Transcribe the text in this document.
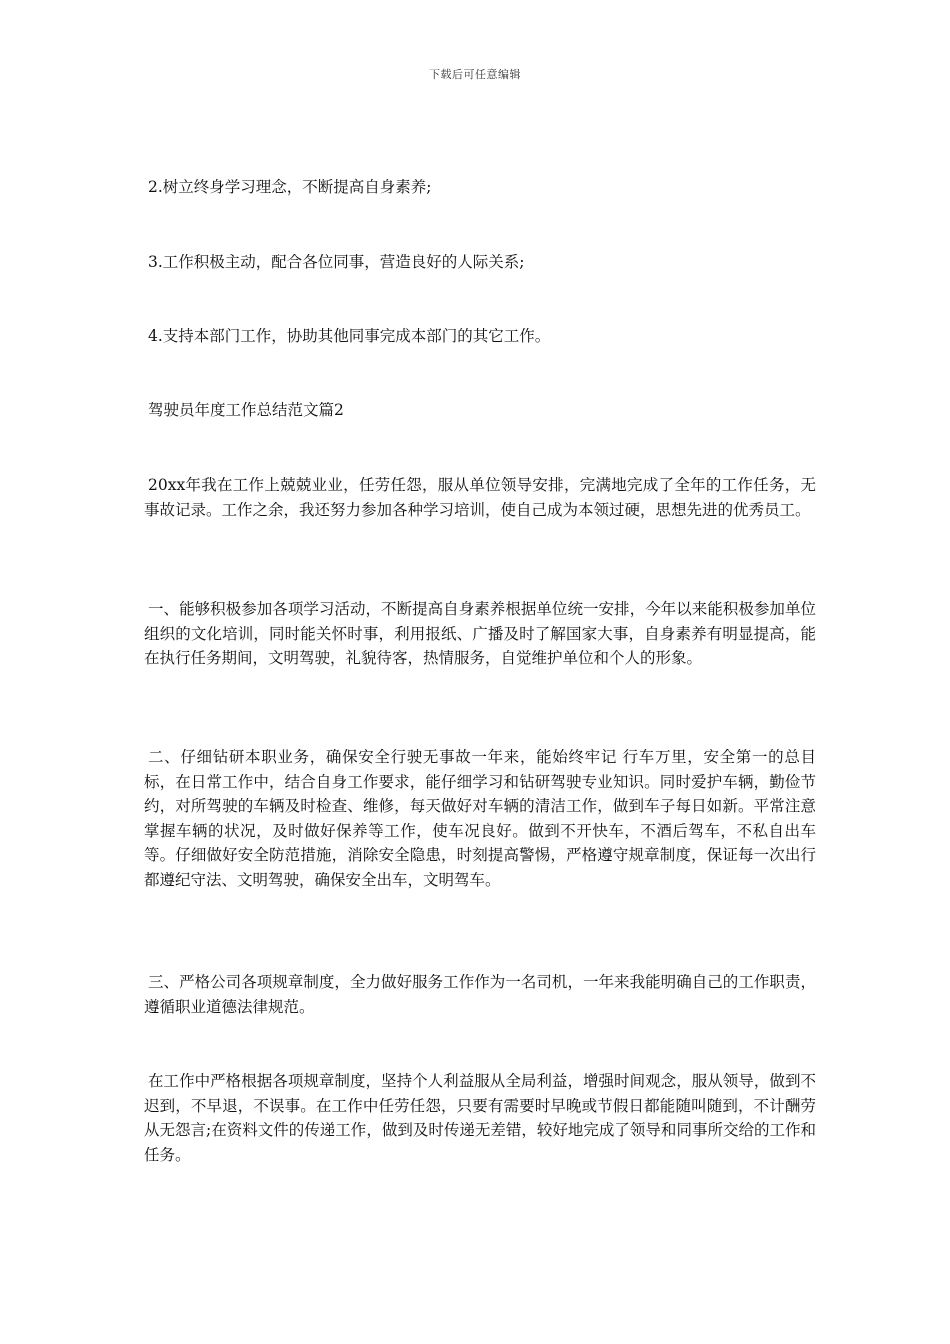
下载后可任意编辑

2.树立终身学习理念，不断提高自身素养;

3.工作积极主动，配合各位同事，营造良好的人际关系;

4.支持本部门工作，协助其他同事完成本部门的其它工作。

驾驶员年度工作总结范文篇2

20xx年我在工作上兢兢业业，任劳任怨，服从单位领导安排，完满地完成了全年的工作任务，无事故记录。工作之余，我还努力参加各种学习培训，使自己成为本领过硬，思想先进的优秀员工。

一、能够积极参加各项学习活动，不断提高自身素养根据单位统一安排，今年以来能积极参加单位组织的文化培训，同时能关怀时事，利用报纸、广播及时了解国家大事，自身素养有明显提高，能在执行任务期间，文明驾驶，礼貌待客，热情服务，自觉维护单位和个人的形象。

二、仔细钻研本职业务，确保安全行驶无事故一年来，能始终牢记 行车万里，安全第一的总目标，在日常工作中，结合自身工作要求，能仔细学习和钻研驾驶专业知识。同时爱护车辆，勤俭节约，对所驾驶的车辆及时检查、维修，每天做好对车辆的清洁工作，做到车子每日如新。平常注意掌握车辆的状况，及时做好保养等工作，使车况良好。做到不开快车，不酒后驾车，不私自出车等。仔细做好安全防范措施，消除安全隐患，时刻提高警惕，严格遵守规章制度，保证每一次出行都遵纪守法、文明驾驶，确保安全出车，文明驾车。

三、严格公司各项规章制度，全力做好服务工作作为一名司机，一年来我能明确自己的工作职责，遵循职业道德法律规范。

在工作中严格根据各项规章制度，坚持个人利益服从全局利益，增强时间观念，服从领导，做到不迟到，不早退，不误事。在工作中任劳任怨，只要有需要时早晚或节假日都能随叫随到，不计酬劳从无怨言;在资料文件的传递工作，做到及时传递无差错，较好地完成了领导和同事所交给的工作和任务。
